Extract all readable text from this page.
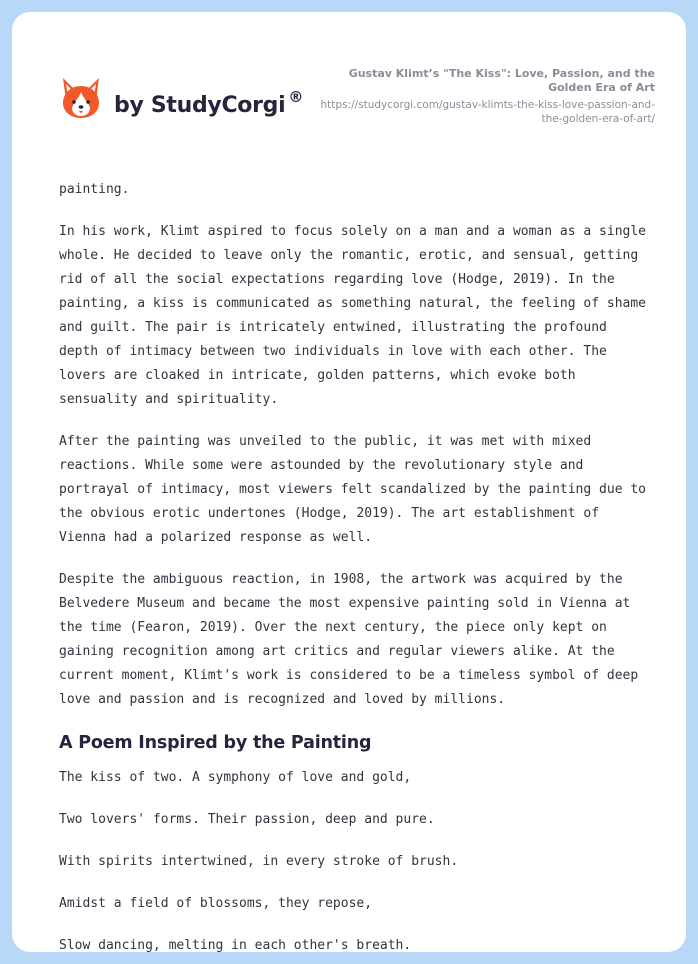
by StudyCorgi ®
Gustav Klimt’s "The Kiss": Love, Passion, and the Golden Era of Art
https://studycorgi.com/gustav-klimts-the-kiss-love-passion-and-the-golden-era-of-art/

painting.

In his work, Klimt aspired to focus solely on a man and a woman as a single whole. He decided to leave only the romantic, erotic, and sensual, getting rid of all the social expectations regarding love (Hodge, 2019). In the painting, a kiss is communicated as something natural, the feeling of shame and guilt. The pair is intricately entwined, illustrating the profound depth of intimacy between two individuals in love with each other. The lovers are cloaked in intricate, golden patterns, which evoke both sensuality and spirituality.

After the painting was unveiled to the public, it was met with mixed reactions. While some were astounded by the revolutionary style and portrayal of intimacy, most viewers felt scandalized by the painting due to the obvious erotic undertones (Hodge, 2019). The art establishment of Vienna had a polarized response as well.

Despite the ambiguous reaction, in 1908, the artwork was acquired by the Belvedere Museum and became the most expensive painting sold in Vienna at the time (Fearon, 2019). Over the next century, the piece only kept on gaining recognition among art critics and regular viewers alike. At the current moment, Klimt's work is considered to be a timeless symbol of deep love and passion and is recognized and loved by millions.

A Poem Inspired by the Painting

The kiss of two. A symphony of love and gold,

Two lovers' forms. Their passion, deep and pure.

With spirits intertwined, in every stroke of brush.

Amidst a field of blossoms, they repose,

Slow dancing, melting in each other's breath.
